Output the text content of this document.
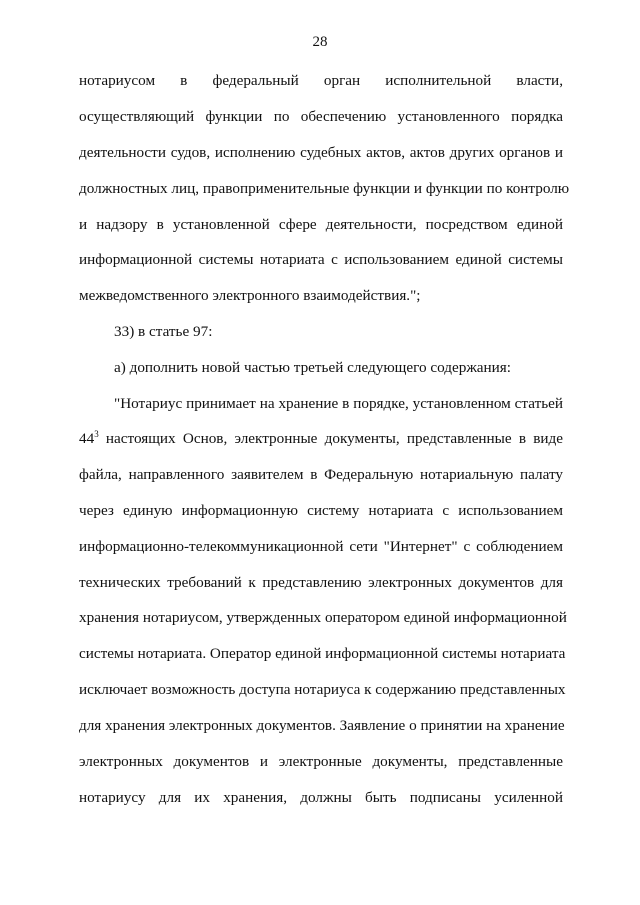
28
нотариусом в федеральный орган исполнительной власти,
осуществляющий функции по обеспечению установленного порядка
деятельности судов, исполнению судебных актов, актов других органов и
должностных лиц, правоприменительные функции и функции по контролю
и надзору в установленной сфере деятельности, посредством единой
информационной системы нотариата с использованием единой системы
межведомственного электронного взаимодействия.";
33) в статье 97:
а) дополнить новой частью третьей следующего содержания:
"Нотариус принимает на хранение в порядке, установленном статьей
$44^3$ настоящих Основ, электронные документы, представленные в виде
файла, направленного заявителем в Федеральную нотариальную палату
через единую информационную систему нотариата с использованием
информационно-телекоммуникационной сети "Интернет" с соблюдением
технических требований к представлению электронных документов для
хранения нотариусом, утвержденных оператором единой информационной
системы нотариата. Оператор единой информационной системы нотариата
исключает возможность доступа нотариуса к содержанию представленных
для хранения электронных документов. Заявление о принятии на хранение
электронных документов и электронные документы, представленные
нотариусу для их хранения, должны быть подписаны усиленной
